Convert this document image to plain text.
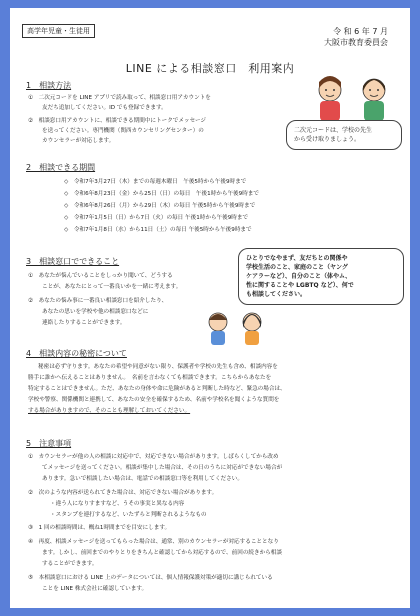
高学年児童・生徒用	令 和 6 年 7 月
大阪市教育委員会
LINE による相談窓口　利用案内
1　相談方法
①　二次元コードを LINE アプリで読み取って、相談窓口用アカウントを
友だち追加してください。ID でも登録できます。
②　相談窓口用アカウントに、相談できる期間中にトークでメッセージ
を送ってください。専門機関（関西カウンセリングセンター）の
カウンセラーが対応します。
二次元コードは、学校の先生
から受け取りましょう。
2　相談できる期間
◇　令和7年3月27日（木）までの毎週木曜日　午後5時から午後9時まで
◇　令和6年8月23日（金）から25日（日）の毎日　午後1時から午後9時まで
◇　令和6年8月26日（月）から29日（木）の毎日 午後5時から午後9時まで
◇　令和7年1月5日（日）から7日（火）の毎日 午後1時から午後9時まで
◇　令和7年1月8日（水）から11日（土）の毎日 午後5時から午後9時まで
3　相談窓口でできること
①　あなたが悩んでいることをしっかり聞いて、どうする
ことが、あなたにとって一番良いかを一緒に考えます。
②　あなたの悩み事に一番良い相談窓口を紹介したり、
あなたの思いを学校や他の相談窓口などに
連絡したりすることができます。
ひとりでなやまず、友だちとの関係や
学校生活のこと、家庭のこと（ヤング
ケアラーなど）、自分のこと（体やム、
性に関することや LGBTQ など）、何で
も相談してください。
4　相談内容の秘密について
秘密は必ず守ります。あなたの希望や同意がない限り、保護者や学校の先生も含め、相談内容を
勝手に誰かへ伝えることはありません。　名前を言わなくても相談できます。こちらからあなたを
特定することはできません。ただ、あなたの身体や命に危険があると判断した時など、緊急の場合は、
学校や警察、関係機関と連携して、あなたの安全を確保するため、名前や学校名を聞くような質問を
する場合がありますので、そのことも理解しておいてください。
5　注意事項
①　カウンセラーが他の人の相談に対応中で、対応できない場合があります。しばらくしてから改め
てメッセージを送ってください。相談が集中した場合は、その日のうちに対応ができない場合が
あります。急いで相談したい場合は、電話での相談窓口等を利用してください。
②　次のような内容が送られてきた場合は、対応できない場合があります。
・違う人になりすますなど、うその事実と異なる内容
・スタンプを連打するなど、いたずらと判断されるようなもの
③　1 回の相談時間は、概ね1時間までを目安にします。
④　再度、相談メッセージを送ってもらった場合は、通常、別のカウンセラーが対応することとなり
ます。しかし、前回までのやりとりをきちんと確認してから対応するので、前回の続きから相談
することができます。
⑤　本相談窓口における LINE 上のデータについては、個人情報保護対策が適切に講じられている
ことを LINE 株式会社に確認しています。
